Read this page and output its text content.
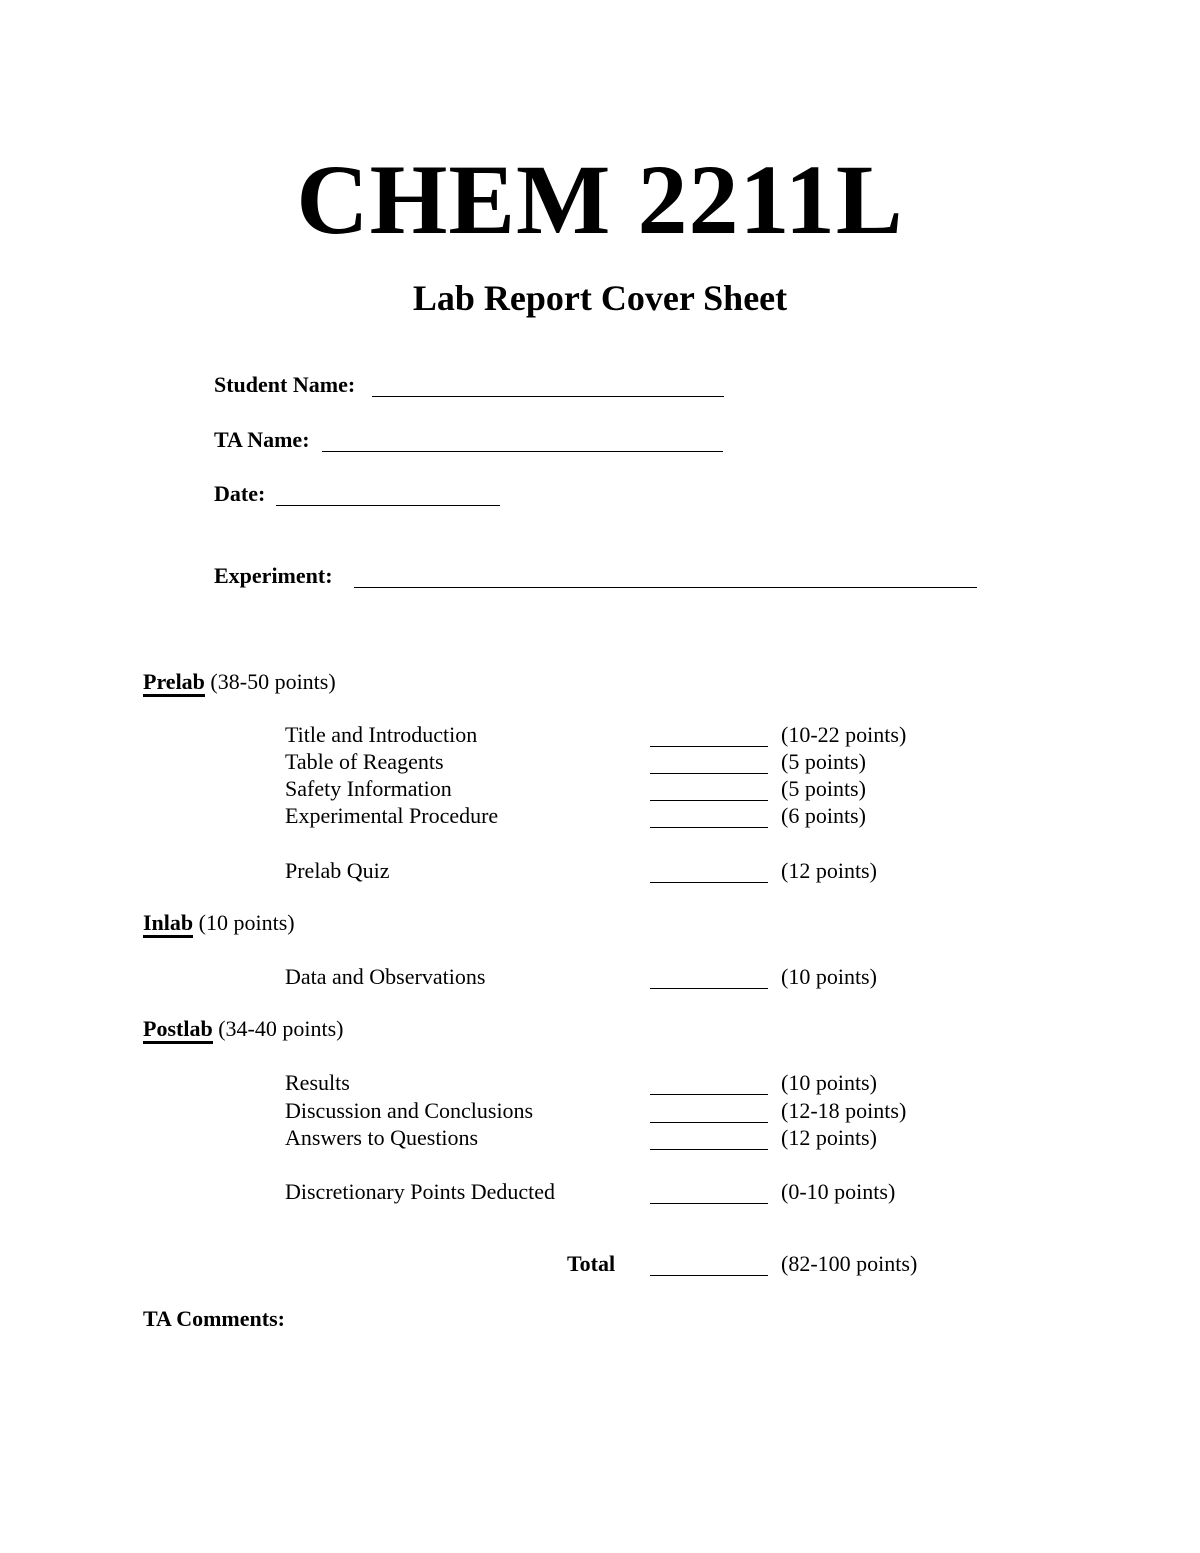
CHEM 2211L
Lab Report Cover Sheet
Student Name:
TA Name:
Date:
Experiment:
Prelab (38-50 points)
Title and Introduction	(10-22 points)
Table of Reagents	(5 points)
Safety Information	(5 points)
Experimental Procedure	(6 points)
Prelab Quiz	(12 points)
Inlab (10 points)
Data and Observations	(10 points)
Postlab (34-40 points)
Results	(10 points)
Discussion and Conclusions	(12-18 points)
Answers to Questions	(12 points)
Discretionary Points Deducted	(0-10 points)
Total	(82-100 points)
TA Comments:
